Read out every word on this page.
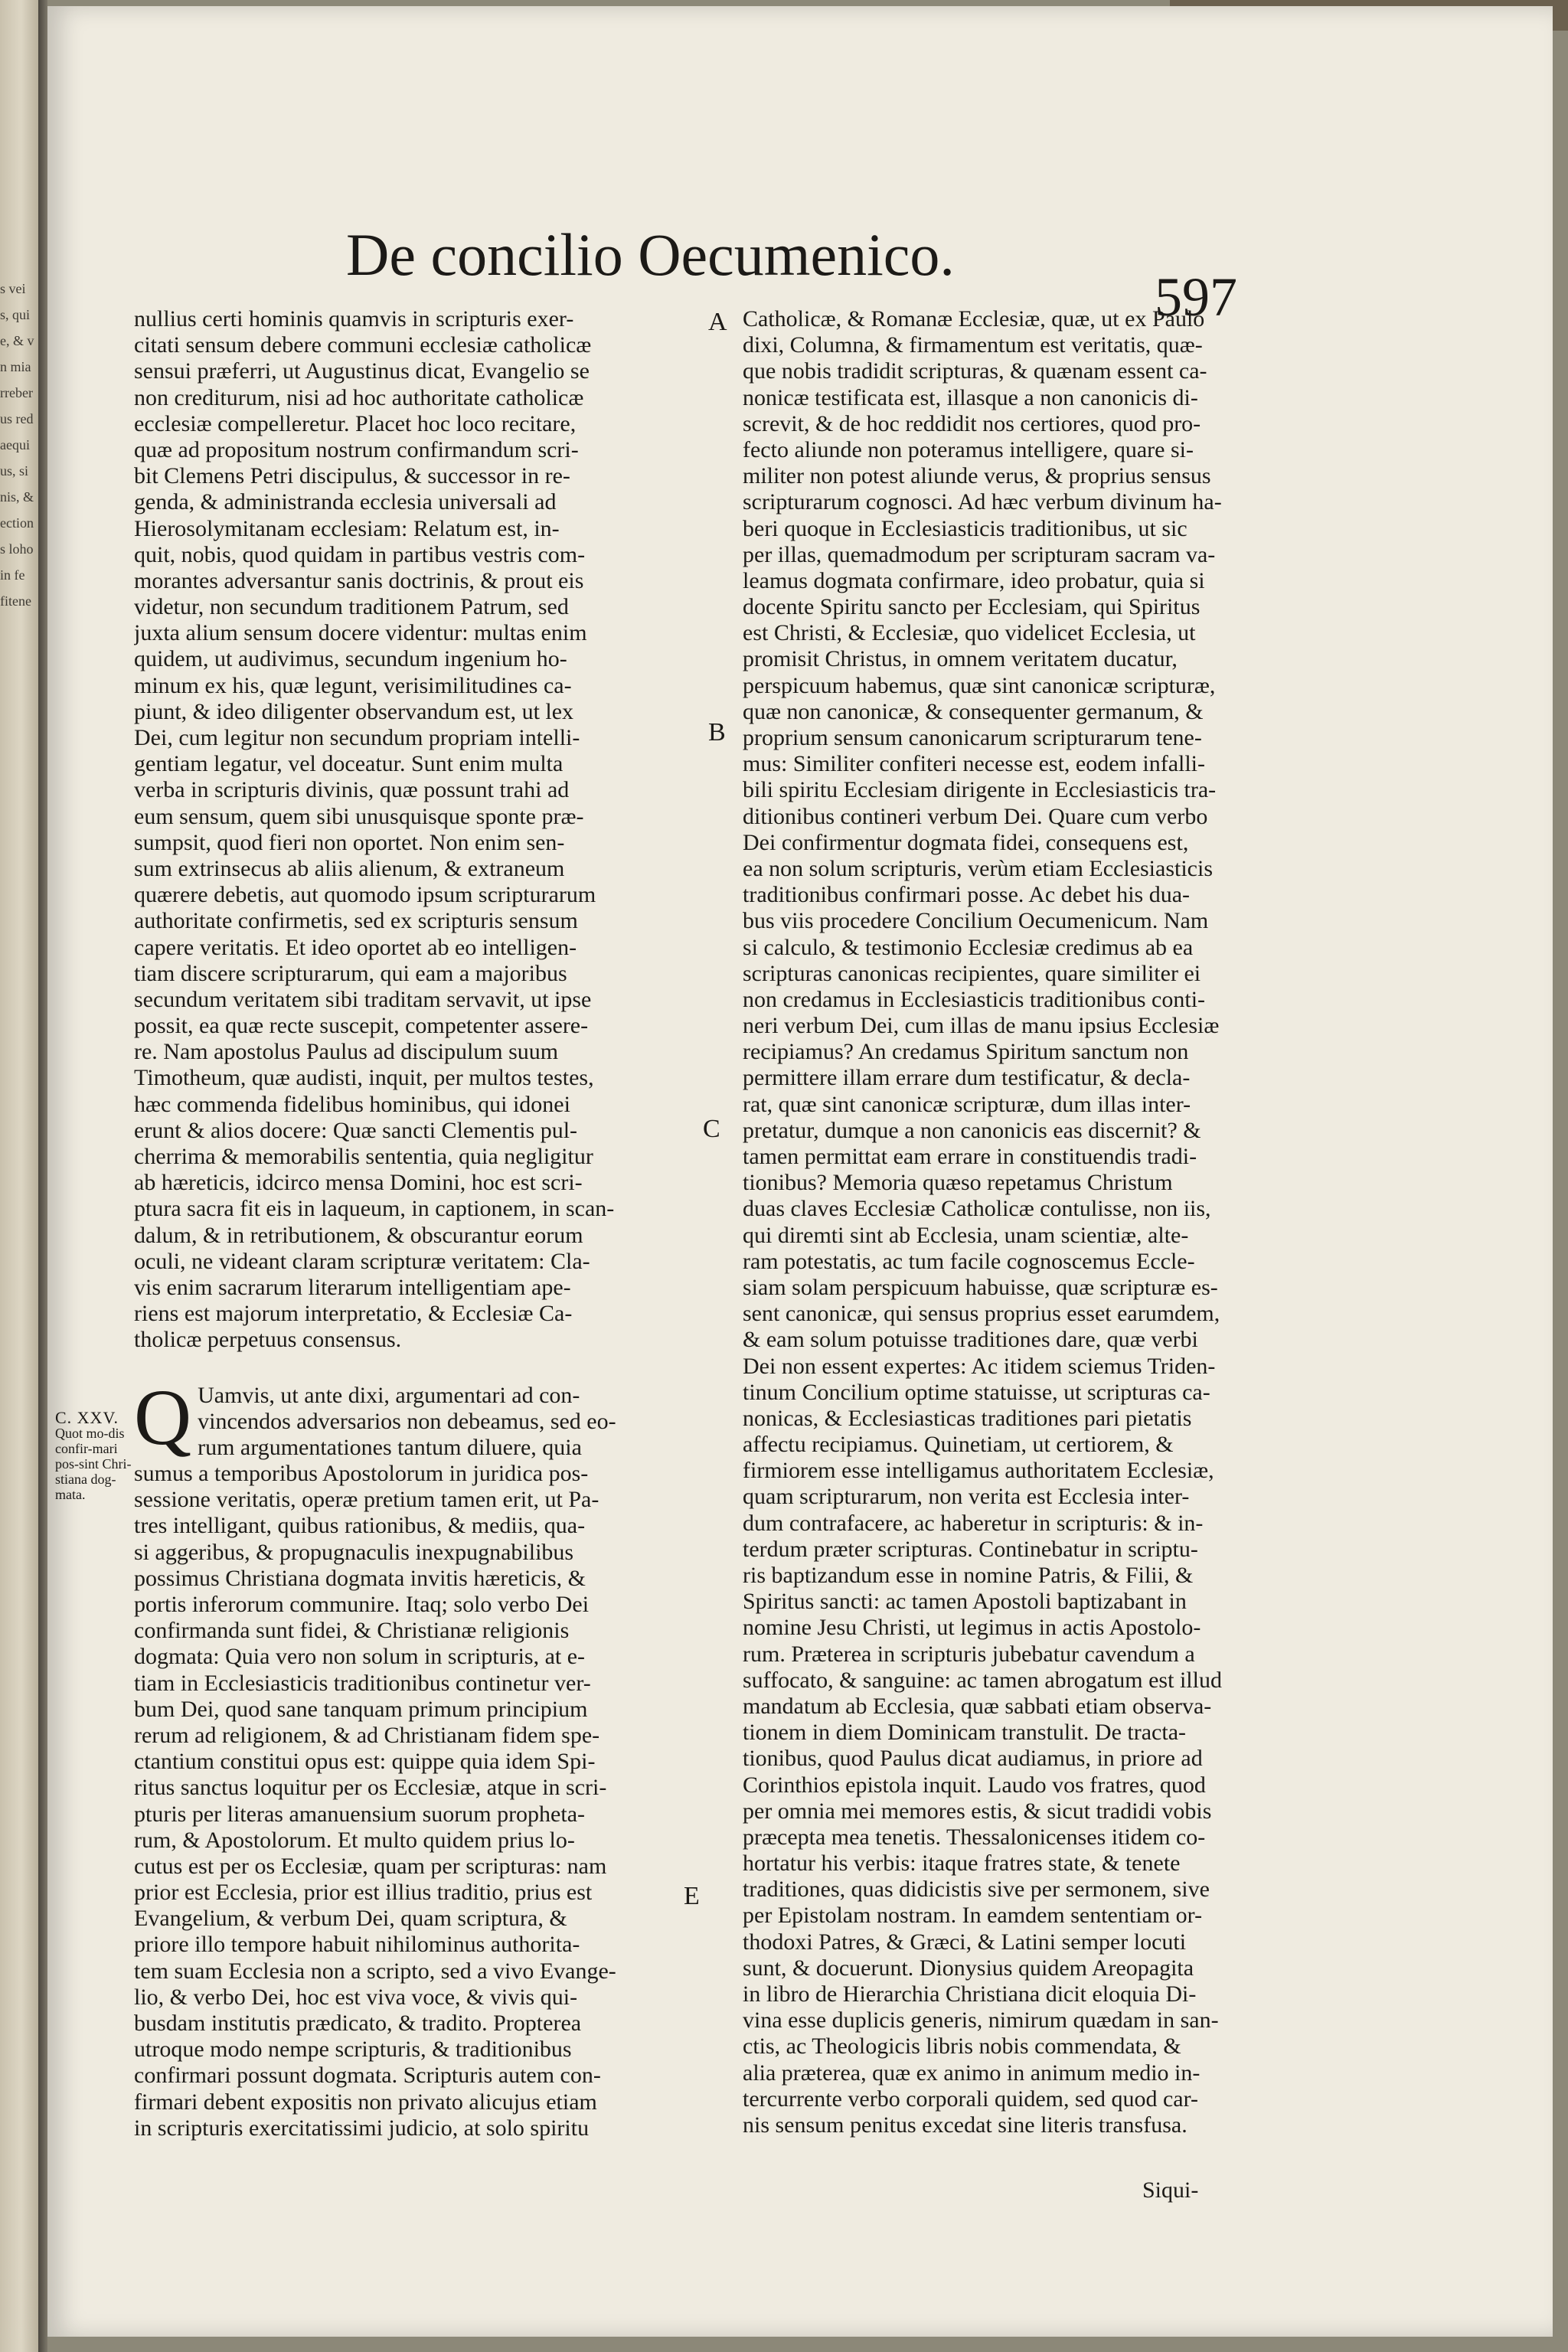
s vei
s, qui
e, & v
n mia
rreber
us red
aequi
us, si
nis, &
ection
s loho
in fe
fitene
De concilio Oecumenico.
597
nullius certi hominis quamvis in scripturis exer-
citati sensum debere communi ecclesiæ catholicæ
sensui præferri, ut Augustinus dicat, Evangelio se
non crediturum, nisi ad hoc authoritate catholicæ
ecclesiæ compelleretur. Placet hoc loco recitare,
quæ ad propositum nostrum confirmandum scri-
bit Clemens Petri discipulus, & successor in re-
genda, & administranda ecclesia universali ad
Hierosolymitanam ecclesiam: Relatum est, in-
quit, nobis, quod quidam in partibus vestris com-
morantes adversantur sanis doctrinis, & prout eis
videtur, non secundum traditionem Patrum, sed
juxta alium sensum docere videntur: multas enim
quidem, ut audivimus, secundum ingenium ho-
minum ex his, quæ legunt, verisimilitudines ca-
piunt, & ideo diligenter observandum est, ut lex
Dei, cum legitur non secundum propriam intelli-
gentiam legatur, vel doceatur. Sunt enim multa
verba in scripturis divinis, quæ possunt trahi ad
eum sensum, quem sibi unusquisque sponte præ-
sumpsit, quod fieri non oportet. Non enim sen-
sum extrinsecus ab aliis alienum, & extraneum
quærere debetis, aut quomodo ipsum scripturarum
authoritate confirmetis, sed ex scripturis sensum
capere veritatis. Et ideo oportet ab eo intelligen-
tiam discere scripturarum, qui eam a majoribus
secundum veritatem sibi traditam servavit, ut ipse
possit, ea quæ recte suscepit, competenter assere-
re. Nam apostolus Paulus ad discipulum suum
Timotheum, quæ audisti, inquit, per multos testes,
hæc commenda fidelibus hominibus, qui idonei
erunt & alios docere: Quæ sancti Clementis pul-
cherrima & memorabilis sententia, quia negligitur
ab hæreticis, idcirco mensa Domini, hoc est scri-
ptura sacra fit eis in laqueum, in captionem, in scan-
dalum, & in retributionem, & obscurantur eorum
oculi, ne videant claram scripturæ veritatem: Cla-
vis enim sacrarum literarum intelligentiam ape-
riens est majorum interpretatio, & Ecclesiæ Ca-
tholicæ perpetuus consensus.
Q Uamvis, ut ante dixi, argumentari ad con-
vincendos adversarios non debeamus, sed eo-
rum argumentationes tantum diluere, quia
sumus a temporibus Apostolorum in juridica pos-
sessione veritatis, operæ pretium tamen erit, ut Pa-
tres intelligant, quibus rationibus, & mediis, qua-
si aggeribus, & propugnaculis inexpugnabilibus
possimus Christiana dogmata invitis hæreticis, &
portis inferorum communire. Itaq; solo verbo Dei
confirmanda sunt fidei, & Christianæ religionis
dogmata: Quia vero non solum in scripturis, at e-
tiam in Ecclesiasticis traditionibus continetur ver-
bum Dei, quod sane tanquam primum principium
rerum ad religionem, & ad Christianam fidem spe-
ctantium constitui opus est: quippe quia idem Spi-
ritus sanctus loquitur per os Ecclesiæ, atque in scri-
pturis per literas amanuensium suorum propheta-
rum, & Apostolorum. Et multo quidem prius lo-
cutus est per os Ecclesiæ, quam per scripturas: nam
prior est Ecclesia, prior est illius traditio, prius est
Evangelium, & verbum Dei, quam scriptura, &
priore illo tempore habuit nihilominus authorita-
tem suam Ecclesia non a scripto, sed a vivo Evange-
lio, & verbo Dei, hoc est viva voce, & vivis qui-
busdam institutis prædicato, & tradito. Propterea
utroque modo nempe scripturis, & traditionibus
confirmari possunt dogmata. Scripturis autem con-
firmari debent expositis non privato alicujus etiam
in scripturis exercitatissimi judicio, at solo spiritu
C. XXV.
Quot mo-dis confir-mari pos-sint Chri-stiana dog-mata.
Catholicæ, & Romanæ Ecclesiæ, quæ, ut ex Paulo
dixi, Columna, & firmamentum est veritatis, quæ-
que nobis tradidit scripturas, & quænam essent ca-
nonicæ testificata est, illasque a non canonicis di-
screvit, & de hoc reddidit nos certiores, quod pro-
fecto aliunde non poteramus intelligere, quare si-
militer non potest aliunde verus, & proprius sensus
scripturarum cognosci. Ad hæc verbum divinum ha-
beri quoque in Ecclesiasticis traditionibus, ut sic
per illas, quemadmodum per scripturam sacram va-
leamus dogmata confirmare, ideo probatur, quia si
docente Spiritu sancto per Ecclesiam, qui Spiritus
est Christi, & Ecclesiæ, quo videlicet Ecclesia, ut
promisit Christus, in omnem veritatem ducatur,
perspicuum habemus, quæ sint canonicæ scripturæ,
quæ non canonicæ, & consequenter germanum, &
proprium sensum canonicarum scripturarum tene-
mus: Similiter confiteri necesse est, eodem infalli-
bili spiritu Ecclesiam dirigente in Ecclesiasticis tra-
ditionibus contineri verbum Dei. Quare cum verbo
Dei confirmentur dogmata fidei, consequens est,
ea non solum scripturis, verùm etiam Ecclesiasticis
traditionibus confirmari posse. Ac debet his dua-
bus viis procedere Concilium Oecumenicum. Nam
si calculo, & testimonio Ecclesiæ credimus ab ea
scripturas canonicas recipientes, quare similiter ei
non credamus in Ecclesiasticis traditionibus conti-
neri verbum Dei, cum illas de manu ipsius Ecclesiæ
recipiamus? An credamus Spiritum sanctum non
permittere illam errare dum testificatur, & decla-
rat, quæ sint canonicæ scripturæ, dum illas inter-
pretatur, dumque a non canonicis eas discernit? &
tamen permittat eam errare in constituendis tradi-
tionibus? Memoria quæso repetamus Christum
duas claves Ecclesiæ Catholicæ contulisse, non iis,
qui diremti sint ab Ecclesia, unam scientiæ, alte-
ram potestatis, ac tum facile cognoscemus Eccle-
siam solam perspicuum habuisse, quæ scripturæ es-
sent canonicæ, qui sensus proprius esset earumdem,
& eam solum potuisse traditiones dare, quæ verbi
Dei non essent expertes: Ac itidem sciemus Triden-
tinum Concilium optime statuisse, ut scripturas ca-
nonicas, & Ecclesiasticas traditiones pari pietatis
affectu recipiamus. Quinetiam, ut certiorem, &
firmiorem esse intelligamus authoritatem Ecclesiæ,
quam scripturarum, non verita est Ecclesia inter-
dum contrafacere, ac haberetur in scripturis: & in-
terdum præter scripturas. Continebatur in scriptu-
ris baptizandum esse in nomine Patris, & Filii, &
Spiritus sancti: ac tamen Apostoli baptizabant in
nomine Jesu Christi, ut legimus in actis Apostolo-
rum. Præterea in scripturis jubebatur cavendum a
suffocato, & sanguine: ac tamen abrogatum est illud
mandatum ab Ecclesia, quæ sabbati etiam observa-
tionem in diem Dominicam transtulit. De tracta-
tionibus, quod Paulus dicat audiamus, in priore ad
Corinthios epistola inquit. Laudo vos fratres, quod
per omnia mei memores estis, & sicut tradidi vobis
præcepta mea tenetis. Thessalonicenses itidem co-
hortatur his verbis: itaque fratres state, & tenete
traditiones, quas didicistis sive per sermonem, sive
per Epistolam nostram. In eamdem sententiam or-
thodoxi Patres, & Græci, & Latini semper locuti
sunt, & docuerunt. Dionysius quidem Areopagita
in libro de Hierarchia Christiana dicit eloquia Di-
vina esse duplicis generis, nimirum quædam in san-
ctis, ac Theologicis libris nobis commendata, &
alia præterea, quæ ex animo in animum medio in-
tercurrente verbo corporali quidem, sed quod car-
nis sensum penitus excedat sine literis transfusa.
A
B
C
E
Siqui-
